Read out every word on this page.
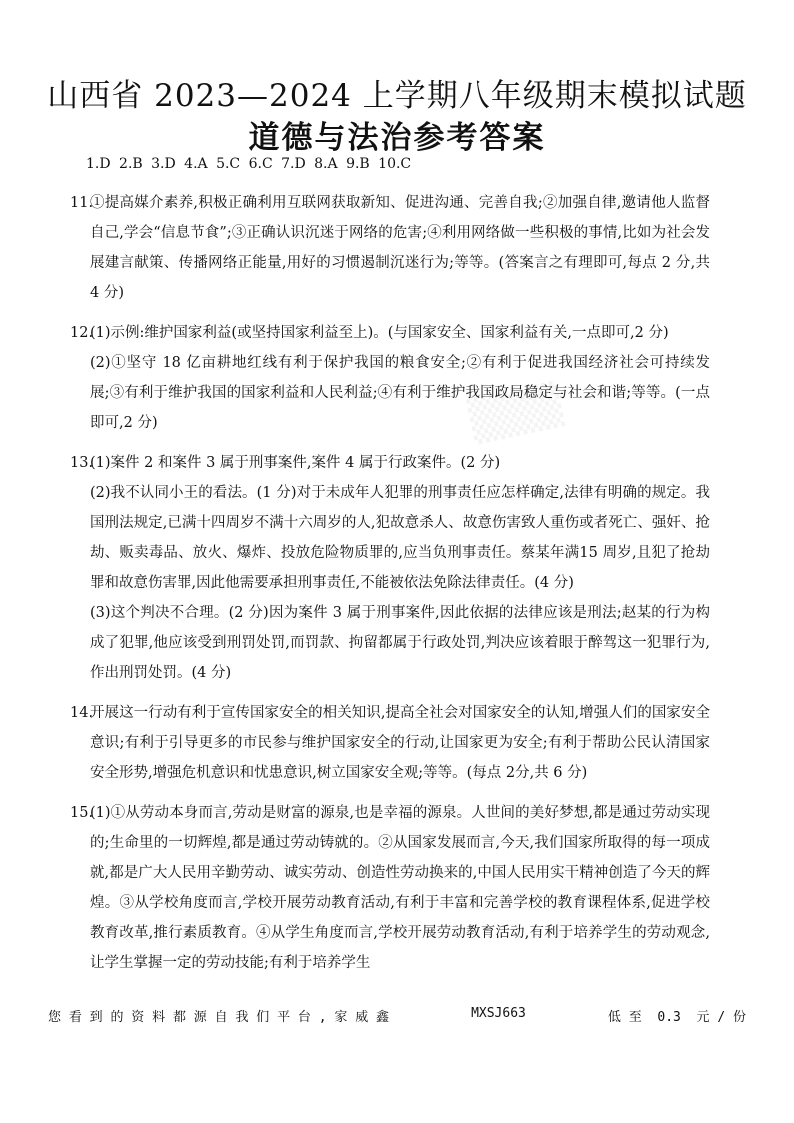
▒▒▒
山西省 2023—2024 上学期八年级期末模拟试题
道德与法治参考答案
1.D 2.B 3.D 4.A 5.C 6.C 7.D 8.A 9.B 10.C
11.
①提高媒介素养,积极正确利用互联网获取新知、促进沟通、完善自我;②加强自律,邀请他人监督自己,学会“信息节食”;③正确认识沉迷于网络的危害;④利用网络做一些积极的事情,比如为社会发展建言献策、传播网络正能量,用好的习惯遏制沉迷行为;等等。(答案言之有理即可,每点 2 分,共 4 分)
12.
(1)示例:维护国家利益(或坚持国家利益至上)。(与国家安全、国家利益有关,一点即可,2 分)
(2)①坚守 18 亿亩耕地红线有利于保护我国的粮食安全;②有利于促进我国经济社会可持续发展;③有利于维护我国的国家利益和人民利益;④有利于维护我国政局稳定与社会和谐;等等。(一点即可,2 分)
13.
(1)案件 2 和案件 3 属于刑事案件,案件 4 属于行政案件。(2 分)
(2)我不认同小王的看法。(1 分)对于未成年人犯罪的刑事责任应怎样确定,法律有明确的规定。我国刑法规定,已满十四周岁不满十六周岁的人,犯故意杀人、故意伤害致人重伤或者死亡、强奸、抢劫、贩卖毒品、放火、爆炸、投放危险物质罪的,应当负刑事责任。蔡某年满15 周岁,且犯了抢劫罪和故意伤害罪,因此他需要承担刑事责任,不能被依法免除法律责任。(4 分)
(3)这个判决不合理。(2 分)因为案件 3 属于刑事案件,因此依据的法律应该是刑法;赵某的行为构成了犯罪,他应该受到刑罚处罚,而罚款、拘留都属于行政处罚,判决应该着眼于醉驾这一犯罪行为,作出刑罚处罚。(4 分)
14.
开展这一行动有利于宣传国家安全的相关知识,提高全社会对国家安全的认知,增强人们的国家安全意识;有利于引导更多的市民参与维护国家安全的行动,让国家更为安全;有利于帮助公民认清国家安全形势,增强危机意识和忧患意识,树立国家安全观;等等。(每点 2分,共 6 分)
15.
(1)①从劳动本身而言,劳动是财富的源泉,也是幸福的源泉。人世间的美好梦想,都是通过劳动实现的;生命里的一切辉煌,都是通过劳动铸就的。②从国家发展而言,今天,我们国家所取得的每一项成就,都是广大人民用辛勤劳动、诚实劳动、创造性劳动换来的,中国人民用实干精神创造了今天的辉煌。③从学校角度而言,学校开展劳动教育活动,有利于丰富和完善学校的教育课程体系,促进学校教育改革,推行素质教育。④从学生角度而言,学校开展劳动教育活动,有利于培养学生的劳动观念,让学生掌握一定的劳动技能;有利于培养学生
您 看 到 的 资 料 都 源 自 我 们 平 台 , 家 威 鑫	MXSJ663	低 至  0.3  元 / 份
